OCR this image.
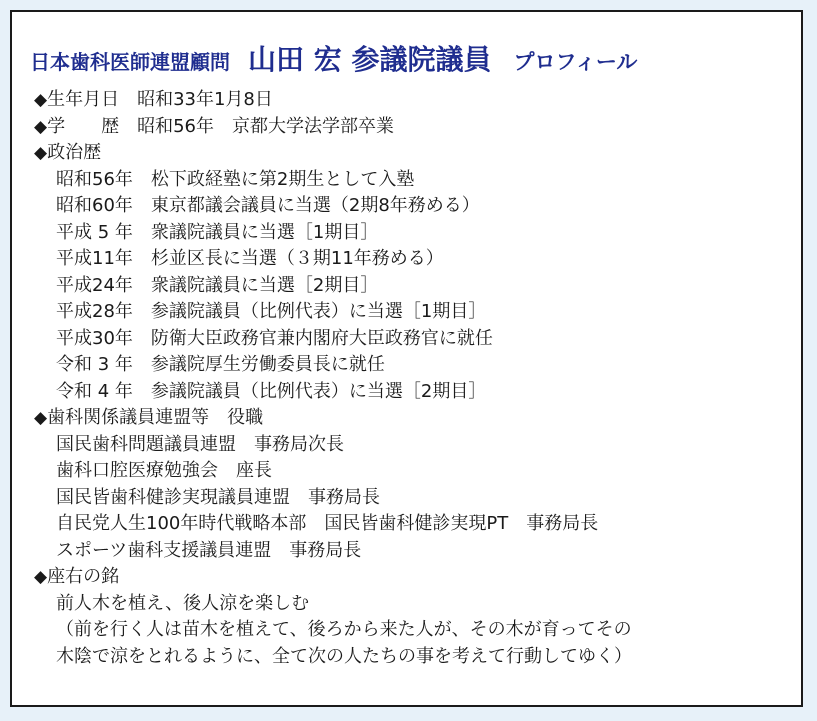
日本歯科医師連盟顧問 山田 宏 参議院議員 プロフィール
◆生年月日　昭和33年1月8日
◆学　　歴　昭和56年　京都大学法学部卒業
◆政治歴
昭和56年　松下政経塾に第2期生として入塾
昭和60年　東京都議会議員に当選（2期8年務める）
平成 5 年　衆議院議員に当選［1期目］
平成11年　杉並区長に当選（３期11年務める）
平成24年　衆議院議員に当選［2期目］
平成28年　参議院議員（比例代表）に当選［1期目］
平成30年　防衛大臣政務官兼内閣府大臣政務官に就任
令和 3 年　参議院厚生労働委員長に就任
令和 4 年　参議院議員（比例代表）に当選［2期目］
◆歯科関係議員連盟等　役職
国民歯科問題議員連盟　事務局次長
歯科口腔医療勉強会　座長
国民皆歯科健診実現議員連盟　事務局長
自民党人生100年時代戦略本部　国民皆歯科健診実現PT　事務局長
スポーツ歯科支援議員連盟　事務局長
◆座右の銘
前人木を植え、後人涼を楽しむ
（前を行く人は苗木を植えて、後ろから来た人が、その木が育ってその
木陰で涼をとれるように、全て次の人たちの事を考えて行動してゆく）
